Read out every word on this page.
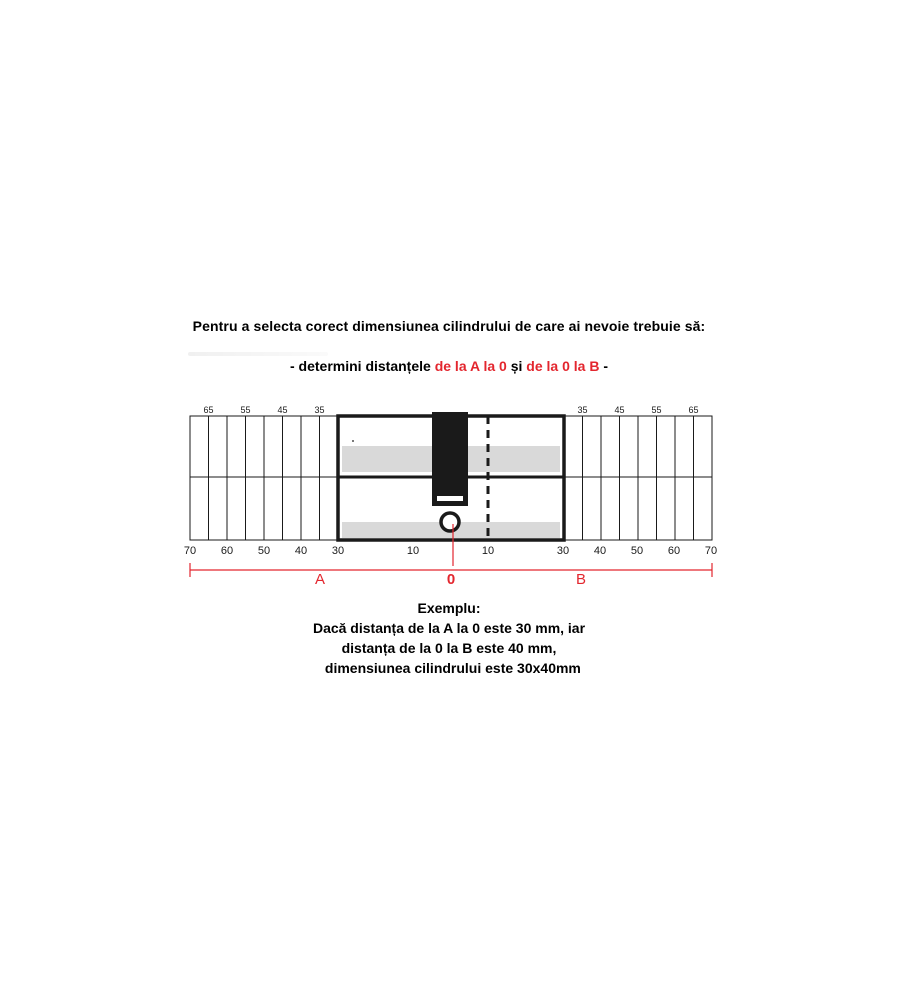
Pentru a selecta corect dimensiunea cilindrului de care ai nevoie trebuie să:
- determini distanțele de la A la 0 și de la 0 la B -
65	55	45	35	35	45	55	65
70 60 50 40 30	10	10	30 40 50 60 70
A	0	B
Exemplu:
Dacă distanța de la A la 0 este 30 mm, iar
distanța de la 0 la B este 40 mm,
dimensiunea cilindrului este 30x40mm
